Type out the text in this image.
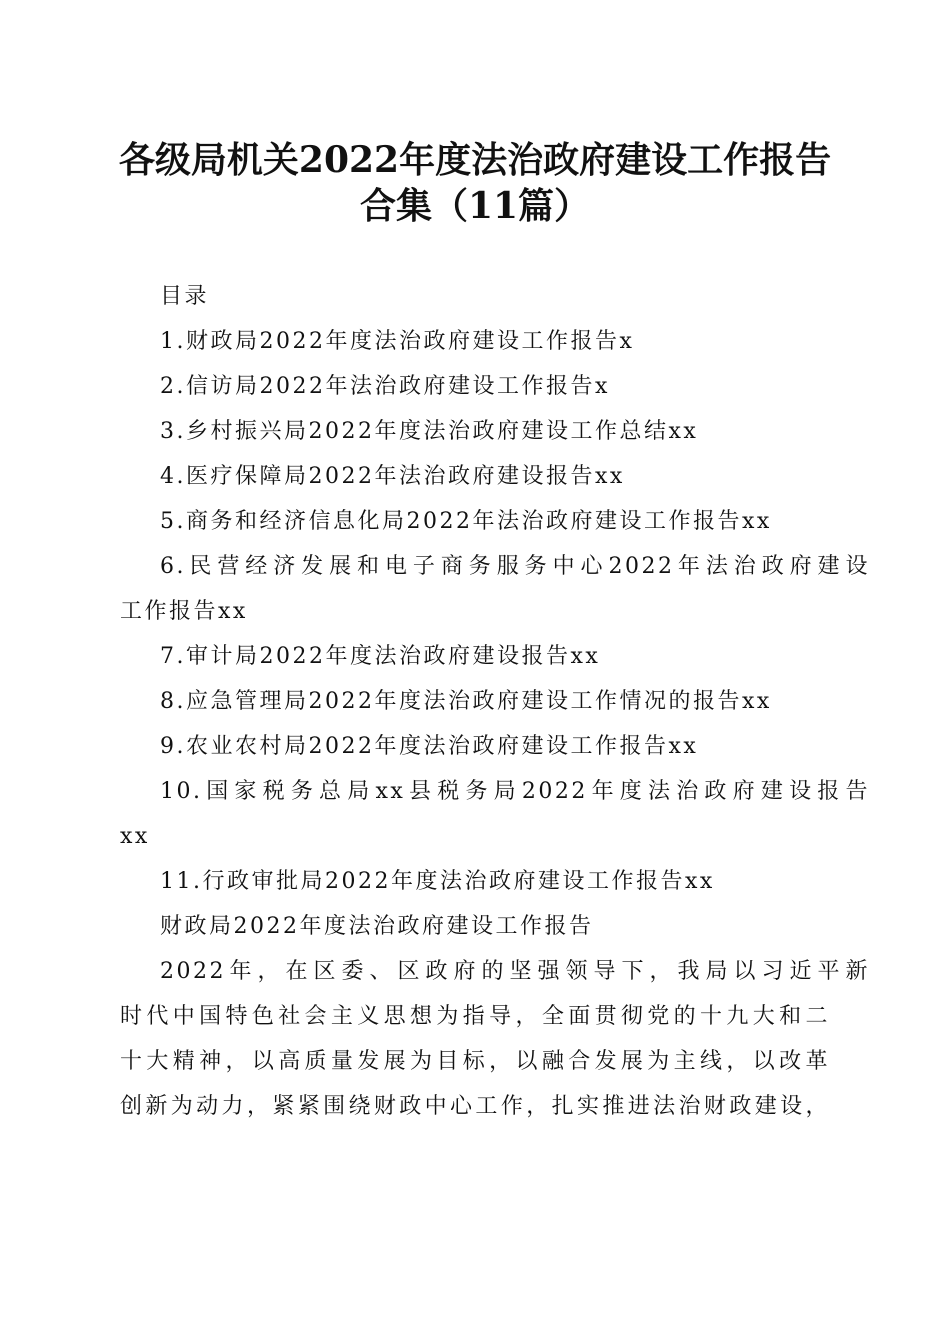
各级局机关2022年度法治政府建设工作报告
合集（11篇）
目录
1.财政局2022年度法治政府建设工作报告x
2.信访局2022年法治政府建设工作报告x
3.乡村振兴局2022年度法治政府建设工作总结xx
4.医疗保障局2022年法治政府建设报告xx
5.商务和经济信息化局2022年法治政府建设工作报告xx
6.民营经济发展和电子商务服务中心2022年法治政府建设
工作报告xx
7.审计局2022年度法治政府建设报告xx
8.应急管理局2022年度法治政府建设工作情况的报告xx
9.农业农村局2022年度法治政府建设工作报告xx
10.国家税务总局xx县税务局2022年度法治政府建设报告
xx
11.行政审批局2022年度法治政府建设工作报告xx
财政局2022年度法治政府建设工作报告
2022年，在区委、区政府的坚强领导下，我局以习近平新
时代中国特色社会主义思想为指导，全面贯彻党的十九大和二
十大精神，以高质量发展为目标，以融合发展为主线，以改革
创新为动力，紧紧围绕财政中心工作，扎实推进法治财政建设，
